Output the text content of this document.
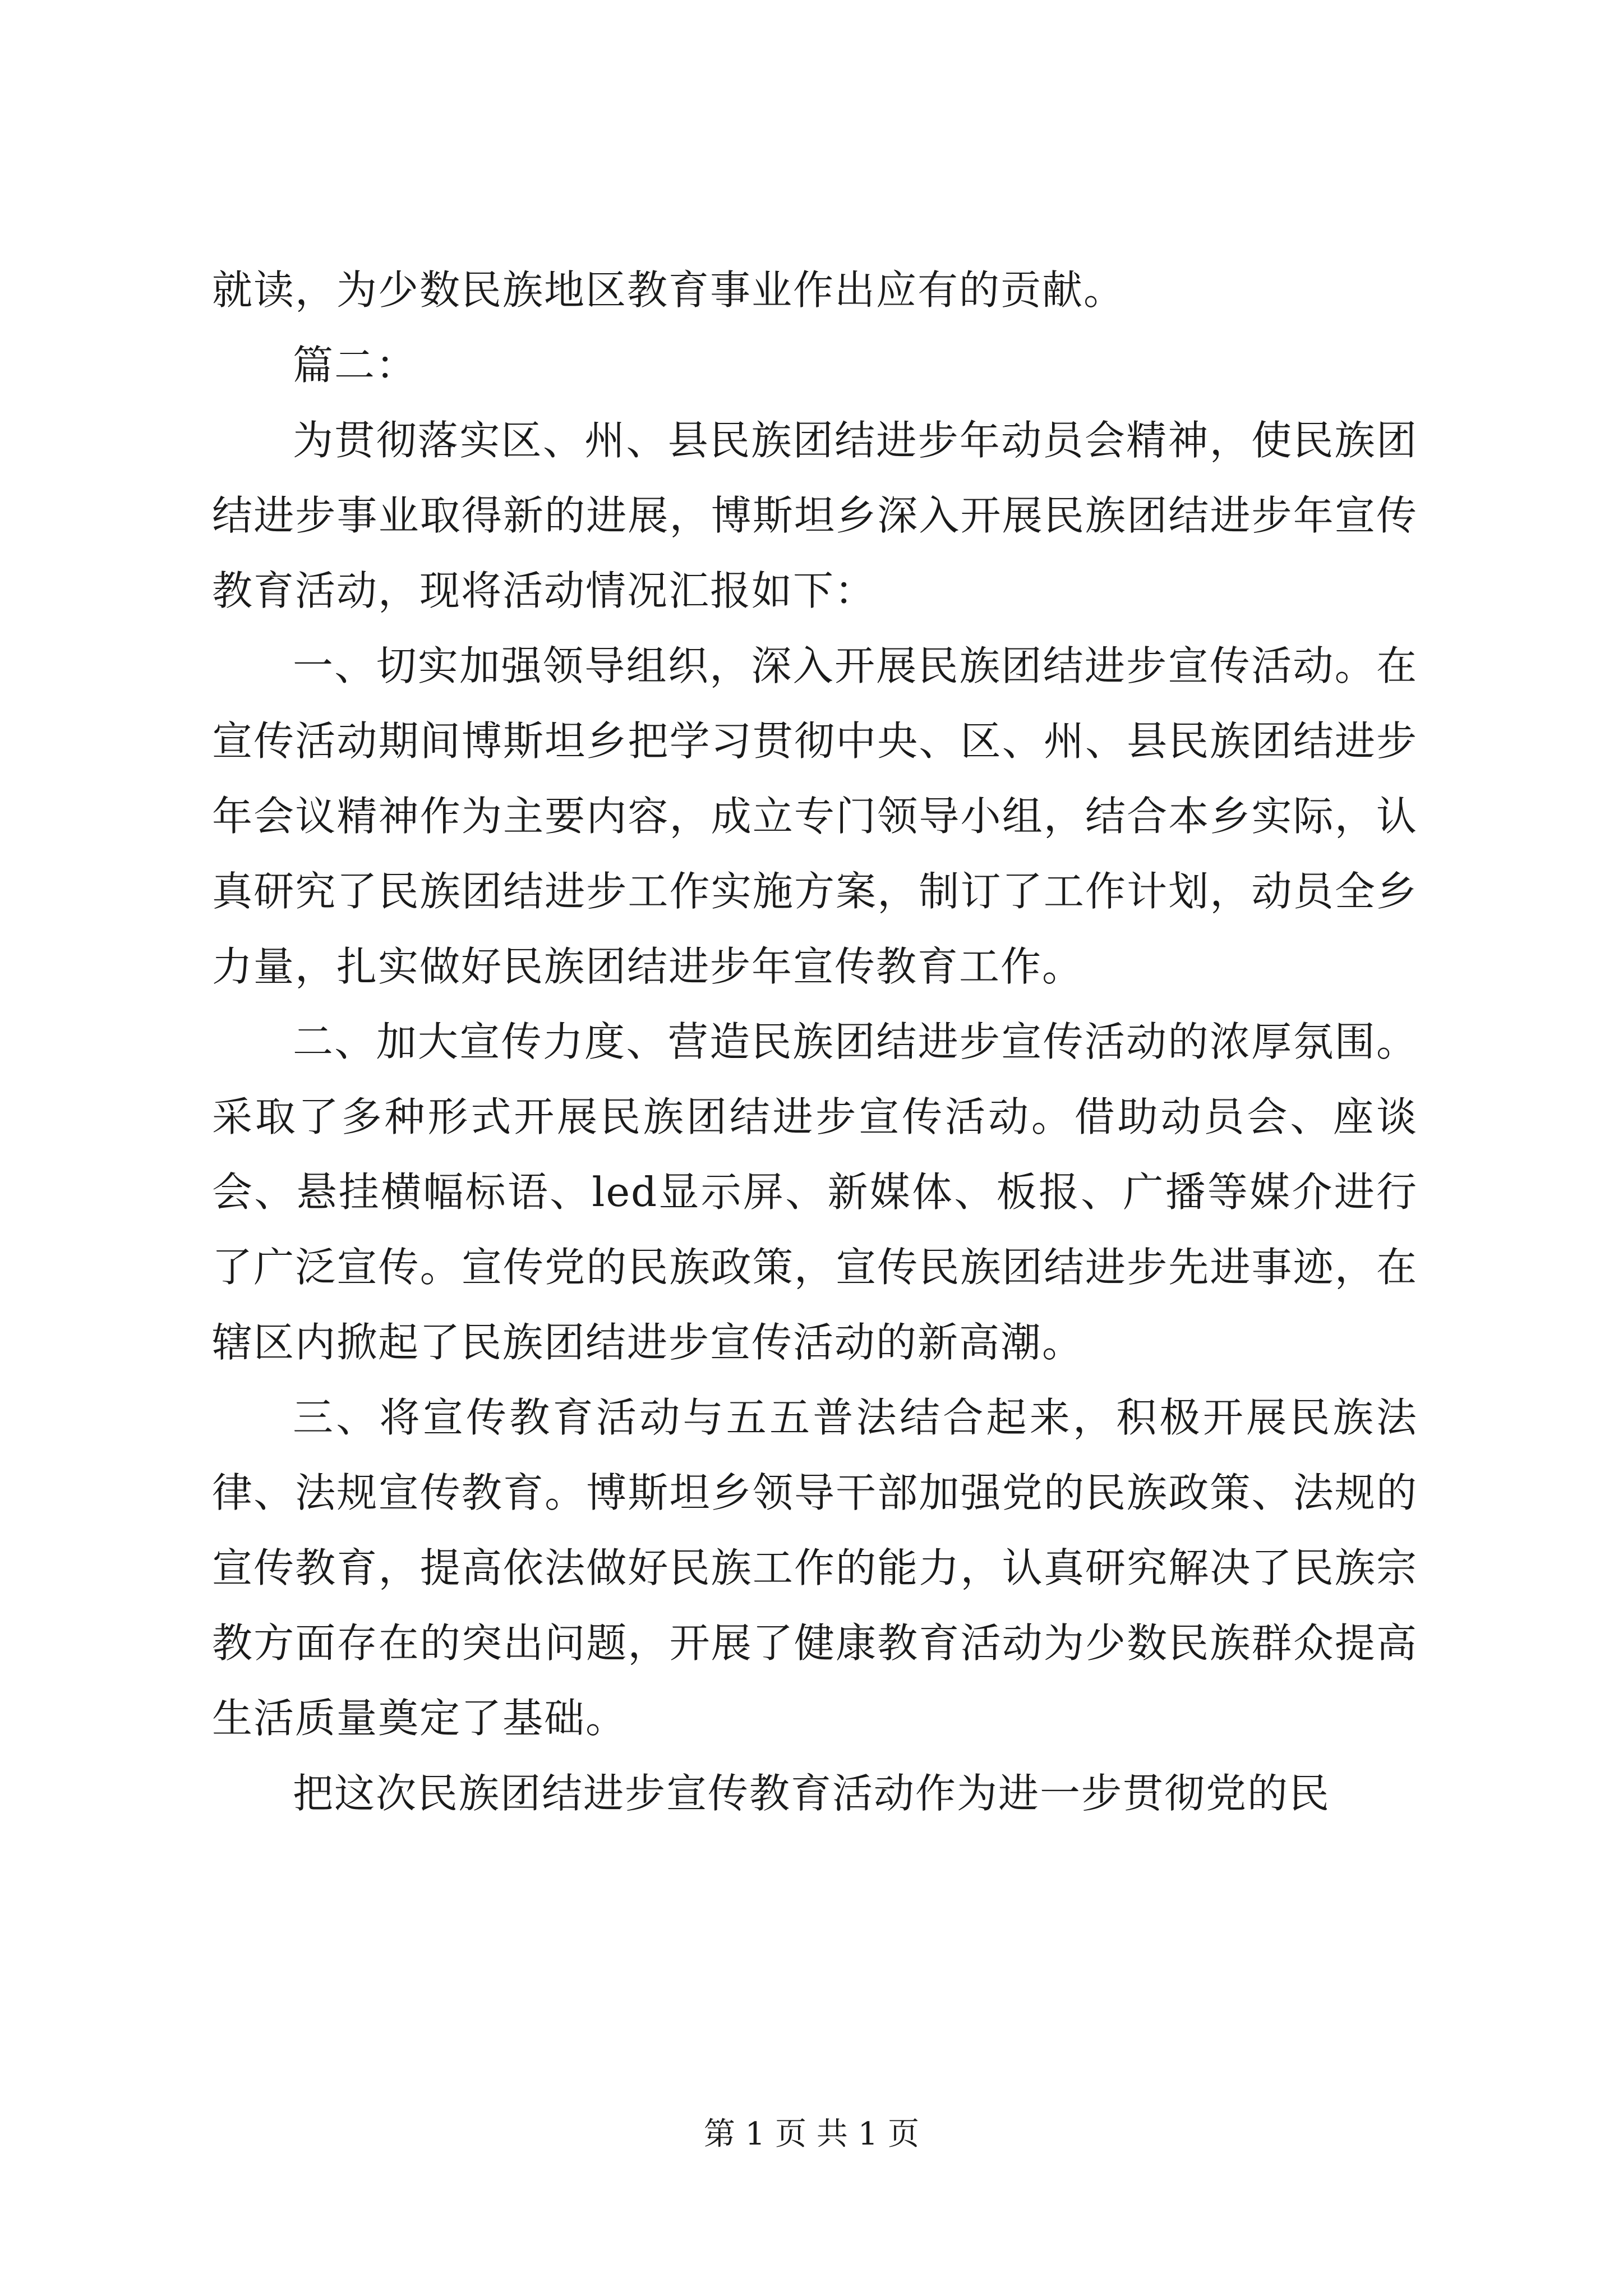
就读，为少数民族地区教育事业作出应有的贡献。

篇二：

为贯彻落实区、州、县民族团结进步年动员会精神，使民族团结进步事业取得新的进展，博斯坦乡深入开展民族团结进步年宣传教育活动，现将活动情况汇报如下：

一、切实加强领导组织，深入开展民族团结进步宣传活动。在宣传活动期间博斯坦乡把学习贯彻中央、区、州、县民族团结进步年会议精神作为主要内容，成立专门领导小组，结合本乡实际，认真研究了民族团结进步工作实施方案，制订了工作计划，动员全乡力量，扎实做好民族团结进步年宣传教育工作。

二、加大宣传力度、营造民族团结进步宣传活动的浓厚氛围。采取了多种形式开展民族团结进步宣传活动。借助动员会、座谈会、悬挂横幅标语、led显示屏、新媒体、板报、广播等媒介进行了广泛宣传。宣传党的民族政策，宣传民族团结进步先进事迹，在辖区内掀起了民族团结进步宣传活动的新高潮。

三、将宣传教育活动与五五普法结合起来，积极开展民族法律、法规宣传教育。博斯坦乡领导干部加强党的民族政策、法规的宣传教育，提高依法做好民族工作的能力，认真研究解决了民族宗教方面存在的突出问题，开展了健康教育活动为少数民族群众提高生活质量奠定了基础。

把这次民族团结进步宣传教育活动作为进一步贯彻党的民

第 1 页 共 1 页
